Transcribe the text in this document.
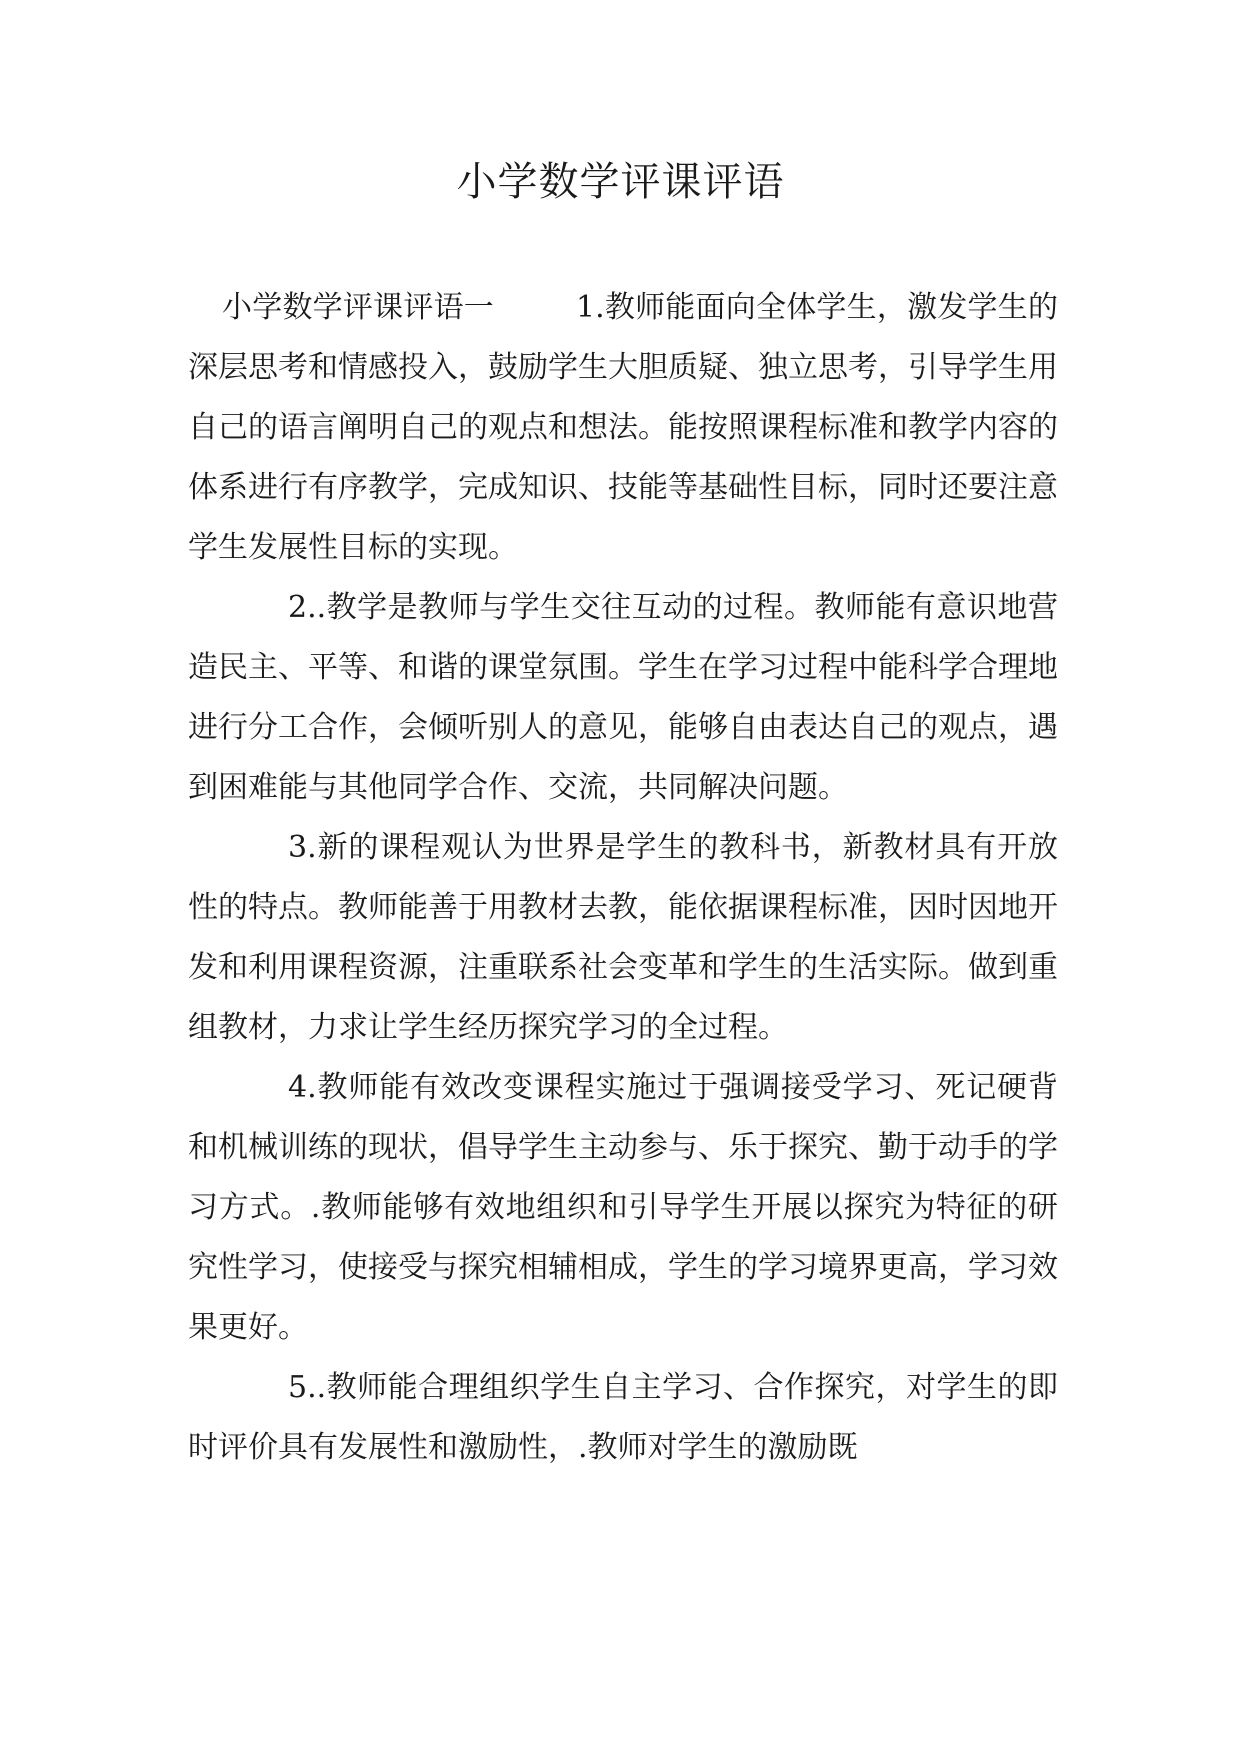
小学数学评课评语

小学数学评课评语一	1.教师能面向全体学生，激发学生的深层思考和情感投入，鼓励学生大胆质疑、独立思考，引导学生用自己的语言阐明自己的观点和想法。能按照课程标准和教学内容的体系进行有序教学，完成知识、技能等基础性目标，同时还要注意学生发展性目标的实现。

2..教学是教师与学生交往互动的过程。教师能有意识地营造民主、平等、和谐的课堂氛围。学生在学习过程中能科学合理地进行分工合作，会倾听别人的意见，能够自由表达自己的观点，遇到困难能与其他同学合作、交流，共同解决问题。

3.新的课程观认为世界是学生的教科书，新教材具有开放性的特点。教师能善于用教材去教，能依据课程标准，因时因地开发和利用课程资源，注重联系社会变革和学生的生活实际。做到重组教材，力求让学生经历探究学习的全过程。

4.教师能有效改变课程实施过于强调接受学习、死记硬背和机械训练的现状，倡导学生主动参与、乐于探究、勤于动手的学习方式。.教师能够有效地组织和引导学生开展以探究为特征的研究性学习，使接受与探究相辅相成，学生的学习境界更高，学习效果更好。

5..教师能合理组织学生自主学习、合作探究，对学生的即时评价具有发展性和激励性，.教师对学生的激励既
